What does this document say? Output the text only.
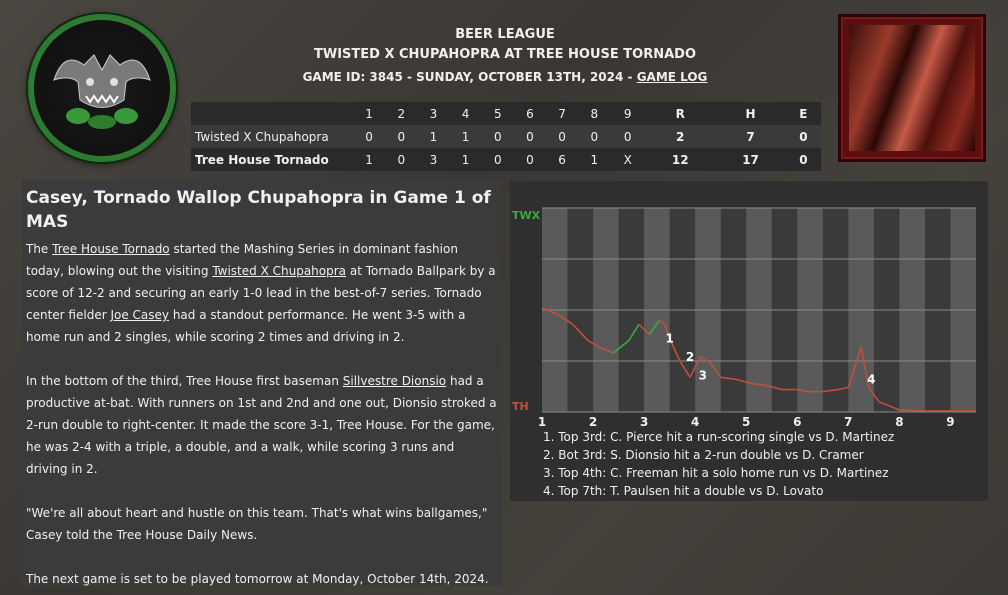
BEER LEAGUE
TWISTED X CHUPAHOPRA AT TREE HOUSE TORNADO
GAME ID: 3845 - SUNDAY, OCTOBER 13TH, 2024 - GAME LOG
	1	2	3	4	5	6	7	8	9	R	H	E
Twisted X Chupahopra	0	0	1	1	0	0	0	0	0	2	7	0
Tree House Tornado	1	0	3	1	0	0	6	1	X	12	17	0
Casey, Tornado Wallop Chupahopra in Game 1 of MAS

The Tree House Tornado started the Mashing Series in dominant fashion today, blowing out the visiting Twisted X Chupahopra at Tornado Ballpark by a score of 12-2 and securing an early 1-0 lead in the best-of-7 series. Tornado center fielder Joe Casey had a standout performance. He went 3-5 with a home run and 2 singles, while scoring 2 times and driving in 2.

In the bottom of the third, Tree House first baseman Sillvestre Dionsio had a productive at-bat. With runners on 1st and 2nd and one out, Dionsio stroked a 2-run double to right-center. It made the score 3-1, Tree House. For the game, he was 2-4 with a triple, a double, and a walk, while scoring 3 runs and driving in 2.

"We're all about heart and hustle on this team. That's what wins ballgames," Casey told the Tree House Daily News.

The next game is set to be played tomorrow at Monday, October 14th, 2024.

TWX
TH
1	2	3	4	5	6	7	8	9
1
2
3	4
1. Top 3rd: C. Pierce hit a run-scoring single vs D. Martinez
2. Bot 3rd: S. Dionsio hit a 2-run double vs D. Cramer
3. Top 4th: C. Freeman hit a solo home run vs D. Martinez
4. Top 7th: T. Paulsen hit a double vs D. Lovato
